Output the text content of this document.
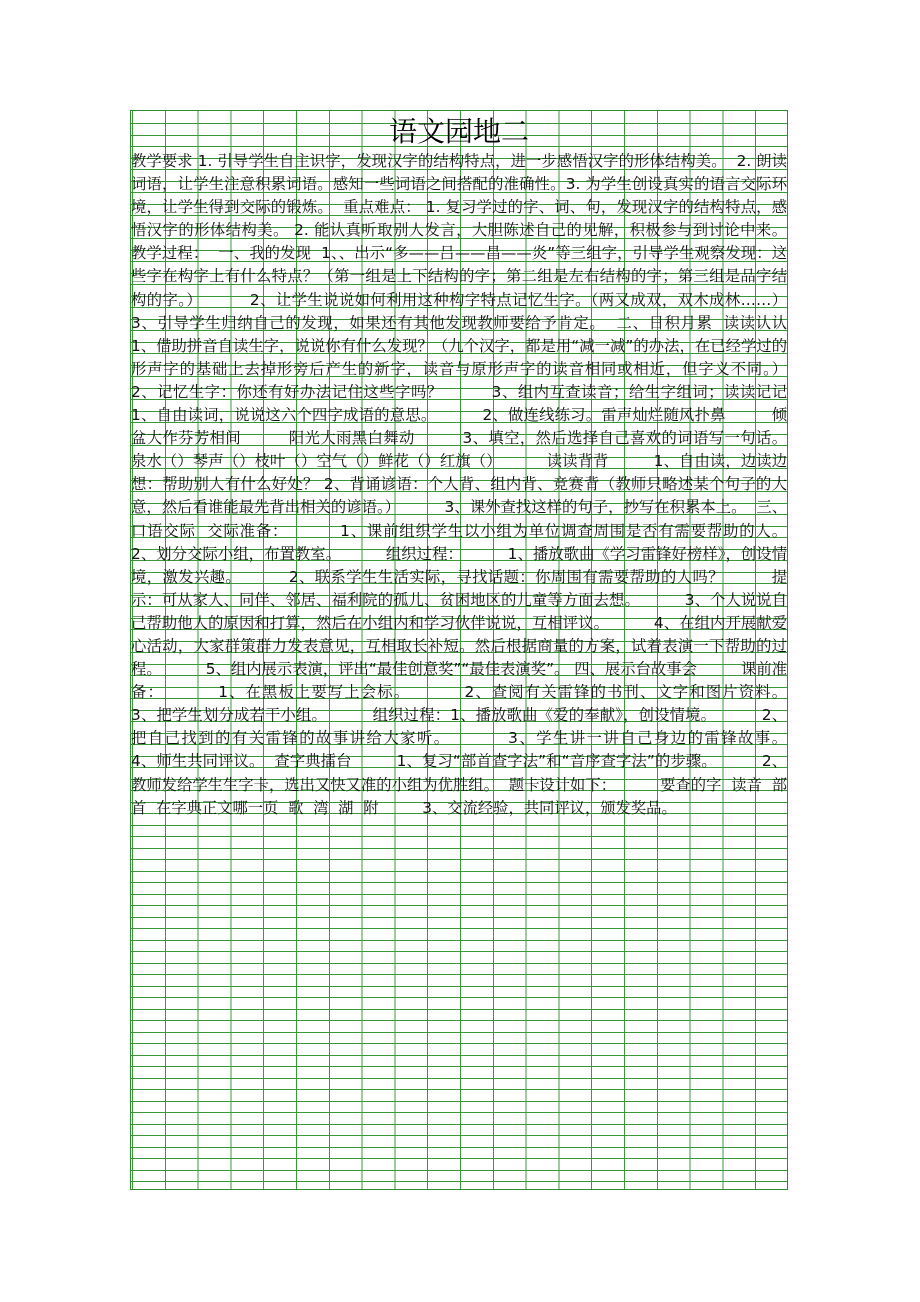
语文园地二

教学要求 1. 引导学生自主识字，发现汉字的结构特点，进一步感悟汉字的形体结构美。  2. 朗读词语，让学生注意积累词语。感知一些词语之间搭配的准确性。3. 为学生创设真实的语言交际环境，让学生得到交际的锻炼。  重点难点： 1. 复习学过的字、词、句，发现汉字的结构特点，感悟汉字的形体结构美。 2. 能认真听取别人发言，大胆陈述自己的见解，积极参与到讨论中来。  教学过程：  一、我的发现  1、、出示“多——吕——昌——炎”等三组字，引导学生观察发现：这些字在构字上有什么特点？（第一组是上下结构的字；第二组是左右结构的字；第三组是品字结构的字。）         2、让学生说说如何利用这种构字特点记忆生字。（两又成双，双木成林……）         3、引导学生归纳自己的发现，如果还有其他发现教师要给予肯定。  二、日积月累  读读认认         1、借助拼音自读生字，说说你有什么发现？（九个汉字，都是用“减一减”的办法，在已经学过的形声字的基础上去掉形旁后产生的新字，读音与原形声字的读音相同或相近，但字义不同。）         2、记忆生字：你还有好办法记住这些字吗？         3、组内互查读音；给生字组词；读读记记         1、自由读词，说说这六个四字成语的意思。         2、做连线练习。雷声灿烂随风扑鼻         倾盆大作芬芳相间         阳光大雨黑白舞动         3、填空，然后选择自己喜欢的词语写一句话。         泉水（）琴声（）枝叶（）空气（）鲜花（）红旗（）         读读背背         1、自由读，边读边想：帮助别人有什么好处？ 2、背诵谚语：个人背、组内背、竞赛背（教师只略述某个句子的大意，然后看谁能最先背出相关的谚语。）         3、课外查找这样的句子，抄写在积累本上。  三、口语交际  交际准备：         1、课前组织学生以小组为单位调查周围是否有需要帮助的人。         2、划分交际小组，布置教室。         组织过程：         1、播放歌曲《学习雷锋好榜样》，创设情境，激发兴趣。         2、联系学生生活实际，寻找话题：你周围有需要帮助的人吗？         提示：可从家人、同伴、邻居、福利院的孤儿、贫困地区的儿童等方面去想。         3、个人说说自己帮助他人的原因和打算，然后在小组内和学习伙伴说说，互相评议。         4、在组内开展献爱心活动，大家群策群力发表意见，互相取长补短。然后根据商量的方案，试着表演一下帮助的过程。         5、组内展示表演，评出“最佳创意奖”“最佳表演奖”。 四、展示台故事会         课前准备：         1、在黑板上要写上会标。         2、查阅有关雷锋的书刊、文字和图片资料。         3、把学生划分成若干小组。         组织过程：1、播放歌曲《爱的奉献》，创设情境。         2、把自己找到的有关雷锋的故事讲给大家听。         3、学生讲一讲自己身边的雷锋故事。         4、师生共同评议。  查字典擂台         1、复习“部首查字法”和“音序查字法”的步骤。         2、教师发给学生生字卡，选出又快又准的小组为优胜组。  题卡设计如下：         要查的字  读音  部首  在字典正文哪一页  歌  湾  湖  附         3、交流经验，共同评议，颁发奖品。
